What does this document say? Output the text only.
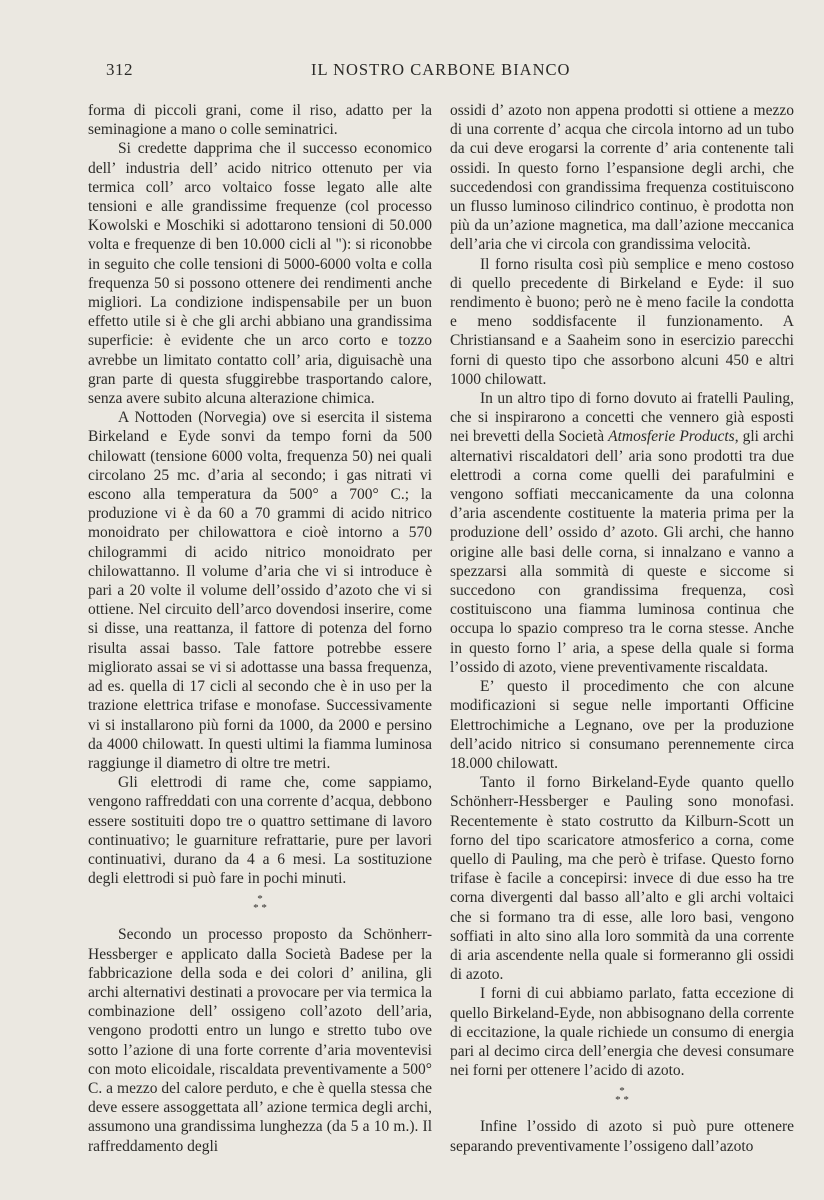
312	IL NOSTRO CARBONE BIANCO

forma di piccoli grani, come il riso, adatto per la seminagione a mano o colle seminatrici.

Si credette dapprima che il successo economico dell’ industria dell’ acido nitrico ottenuto per via termica coll’ arco voltaico fosse legato alle alte tensioni e alle grandissime frequenze (col processo Kowolski e Moschiki si adottarono tensioni di 50.000 volta e frequenze di ben 10.000 cicli al "): si riconobbe in seguito che colle tensioni di 5000-6000 volta e colla frequenza 50 si possono ottenere dei rendimenti anche migliori. La condizione indispensabile per un buon effetto utile si è che gli archi abbiano una grandissima superficie: è evidente che un arco corto e tozzo avrebbe un limitato contatto coll’ aria, diguisachè una gran parte di questa sfuggirebbe trasportando calore, senza avere subito alcuna alterazione chimica.

A Nottoden (Norvegia) ove si esercita il sistema Birkeland e Eyde sonvi da tempo forni da 500 chilowatt (tensione 6000 volta, frequenza 50) nei quali circolano 25 mc. d’aria al secondo; i gas nitrati vi escono alla temperatura da 500° a 700° C.; la produzione vi è da 60 a 70 grammi di acido nitrico monoidrato per chilowattora e cioè intorno a 570 chilogrammi di acido nitrico monoidrato per chilowattanno. Il volume d’aria che vi si introduce è pari a 20 volte il volume dell’ossido d’azoto che vi si ottiene. Nel circuito dell’arco dovendosi inserire, come si disse, una reattanza, il fattore di potenza del forno risulta assai basso. Tale fattore potrebbe essere migliorato assai se vi si adottasse una bassa frequenza, ad es. quella di 17 cicli al secondo che è in uso per la trazione elettrica trifase e monofase. Successivamente vi si installarono più forni da 1000, da 2000 e persino da 4000 chilowatt. In questi ultimi la fiamma luminosa raggiunge il diametro di oltre tre metri.

Gli elettrodi di rame che, come sappiamo, vengono raffreddati con una corrente d’acqua, debbono essere sostituiti dopo tre o quattro settimane di lavoro continuativo; le guarniture refrattarie, pure per lavori continuativi, durano da 4 a 6 mesi. La sostituzione degli elettrodi si può fare in pochi minuti.

*
* *

Secondo un processo proposto da Schönherr-Hessberger e applicato dalla Società Badese per la fabbricazione della soda e dei colori d’ anilina, gli archi alternativi destinati a provocare per via termica la combinazione dell’ ossigeno coll’azoto dell’aria, vengono prodotti entro un lungo e stretto tubo ove sotto l’azione di una forte corrente d’aria moventevisi con moto elicoidale, riscaldata preventivamente a 500° C. a mezzo del calore perduto, e che è quella stessa che deve essere assoggettata all’ azione termica degli archi, assumono una grandissima lunghezza (da 5 a 10 m.). Il raffreddamento degli

ossidi d’ azoto non appena prodotti si ottiene a mezzo di una corrente d’ acqua che circola intorno ad un tubo da cui deve erogarsi la corrente d’ aria contenente tali ossidi. In questo forno l’espansione degli archi, che succedendosi con grandissima frequenza costituiscono un flusso luminoso cilindrico continuo, è prodotta non più da un’azione magnetica, ma dall’azione meccanica dell’aria che vi circola con grandissima velocità.

Il forno risulta così più semplice e meno costoso di quello precedente di Birkeland e Eyde: il suo rendimento è buono; però ne è meno facile la condotta e meno soddisfacente il funzionamento. A Christiansand e a Saaheim sono in esercizio parecchi forni di questo tipo che assorbono alcuni 450 e altri 1000 chilowatt.

In un altro tipo di forno dovuto ai fratelli Pauling, che si inspirarono a concetti che vennero già esposti nei brevetti della Società Atmosferie Products, gli archi alternativi riscaldatori dell’ aria sono prodotti tra due elettrodi a corna come quelli dei parafulmini e vengono soffiati meccanicamente da una colonna d’aria ascendente costituente la materia prima per la produzione dell’ ossido d’ azoto. Gli archi, che hanno origine alle basi delle corna, si innalzano e vanno a spezzarsi alla sommità di queste e siccome si succedono con grandissima frequenza, così costituiscono una fiamma luminosa continua che occupa lo spazio compreso tra le corna stesse. Anche in questo forno l’ aria, a spese della quale si forma l’ossido di azoto, viene preventivamente riscaldata.

E’ questo il procedimento che con alcune modificazioni si segue nelle importanti Officine Elettrochimiche a Legnano, ove per la produzione dell’acido nitrico si consumano perennemente circa 18.000 chilowatt.

Tanto il forno Birkeland-Eyde quanto quello Schönherr-Hessberger e Pauling sono monofasi. Recentemente è stato costrutto da Kilburn-Scott un forno del tipo scaricatore atmosferico a corna, come quello di Pauling, ma che però è trifase. Questo forno trifase è facile a concepirsi: invece di due esso ha tre corna divergenti dal basso all’alto e gli archi voltaici che si formano tra di esse, alle loro basi, vengono soffiati in alto sino alla loro sommità da una corrente di aria ascendente nella quale si formeranno gli ossidi di azoto.

I forni di cui abbiamo parlato, fatta eccezione di quello Birkeland-Eyde, non abbisognano della corrente di eccitazione, la quale richiede un consumo di energia pari al decimo circa dell’energia che devesi consumare nei forni per ottenere l’acido di azoto.

*
* *

Infine l’ossido di azoto si può pure ottenere separando preventivamente l’ossigeno dall’azoto
